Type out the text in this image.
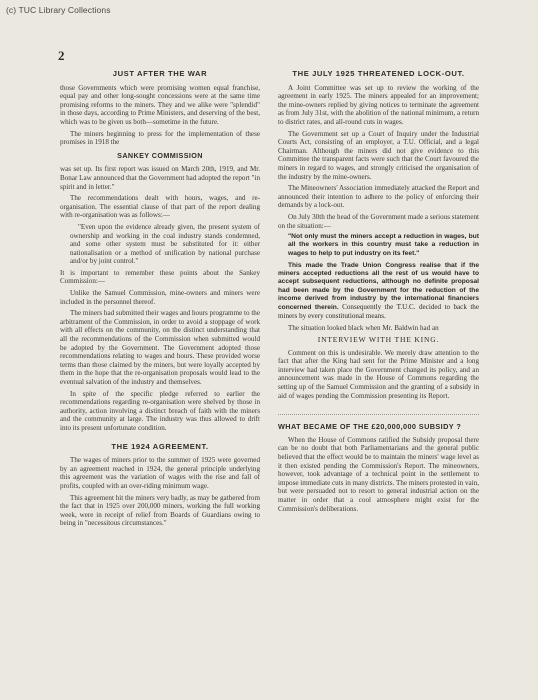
(c) TUC Library Collections
2
JUST AFTER THE WAR

those Governments which were promising women equal franchise, equal pay and other long-sought concessions were at the same time promising reforms to the miners. They and we alike were "splendid" in those days, according to Prime Ministers, and deserving of the best, which was to be given us both—sometime in the future.

The miners beginning to press for the implementation of these promises in 1918 the

SANKEY COMMISSION

was set up. Its first report was issued on March 20th, 1919, and Mr. Bonar Law announced that the Government had adopted the report "in spirit and in letter."

The recommendations dealt with hours, wages, and re-organisation. The essential clause of that part of the report dealing with re-organisation was as follows:—

"Even upon the evidence already given, the present system of ownership and working in the coal industry stands condemned, and some other system must be substituted for it: either nationalisation or a method of unification by national purchase and/or by joint control."

It is important to remember these points about the Sankey Commission:—

Unlike the Samuel Commission, mine-owners and miners were included in the personnel thereof.

The miners had submitted their wages and hours programme to the arbitrament of the Commission, in order to avoid a stoppage of work with all effects on the community, on the distinct understanding that all the recommendations of the Commission when submitted would be adopted by the Government. The Government adopted those recommendations relating to wages and hours. These provided worse terms than those claimed by the miners, but were loyally accepted by them in the hope that the re-organisation proposals would lead to the eventual salvation of the industry and themselves.

In spite of the specific pledge referred to earlier the recommendations regarding re-organisation were shelved by those in authority, action involving a distinct breach of faith with the miners and the community at large. The industry was thus allowed to drift into its present unfortunate condition.

THE 1924 AGREEMENT.

The wages of miners prior to the summer of 1925 were governed by an agreement reached in 1924, the general principle underlying this agreement was the variation of wages with the rise and fall of profits, coupled with an over-riding minimum wage.

This agreement hit the miners very badly, as may be gathered from the fact that in 1925 over 200,000 miners, working the full working week, were in receipt of relief from Boards of Guardians owing to being in "necessitous circumstances."

THE JULY 1925 THREATENED LOCK-OUT.

A Joint Committee was set up to review the working of the agreement in early 1925. The miners appealed for an improvement; the mine-owners replied by giving notices to terminate the agreement as from July 31st, with the abolition of the national minimum, a return to district rates, and all-round cuts in wages.

The Government set up a Court of Inquiry under the Industrial Courts Act, consisting of an employer, a T.U. Official, and a legal Chairman. Although the miners did not give evidence to this Committee the transparent facts were such that the Court favoured the miners in regard to wages, and strongly criticised the organisation of the industry by the mine-owners.

The Mineowners' Association immediately attacked the Report and announced their intention to adhere to the policy of enforcing their demands by a lock-out.

On July 30th the head of the Government made a serious statement on the situation:—

"Not only must the miners accept a reduction in wages, but all the workers in this country must take a reduction in wages to help to put industry on its feet."

This made the Trade Union Congress realise that if the miners accepted reductions all the rest of us would have to accept subsequent reductions, although no definite proposal had been made by the Government for the reduction of the income derived from industry by the international financiers concerned therein. Consequently the T.U.C. decided to back the miners by every constitutional means.

The situation looked black when Mr. Baldwin had an

INTERVIEW WITH THE KING.

Comment on this is undesirable. We merely draw attention to the fact that after the King had sent for the Prime Minister and a long interview had taken place the Government changed its policy, and an announcement was made in the House of Commons regarding the setting up of the Samuel Commission and the granting of a subsidy in aid of wages pending the Commission presenting its Report.

WHAT BECAME OF THE £20,000,000 SUBSIDY ?

When the House of Commons ratified the Subsidy proposal there can be no doubt that both Parliamentarians and the general public believed that the effect would be to maintain the miners' wage level as it then existed pending the Commission's Report. The mineowners, however, took advantage of a technical point in the settlement to impose immediate cuts in many districts. The miners protested in vain, but were persuaded not to resort to general industrial action on the matter in order that a cool atmosphere might exist for the Commission's deliberations.
